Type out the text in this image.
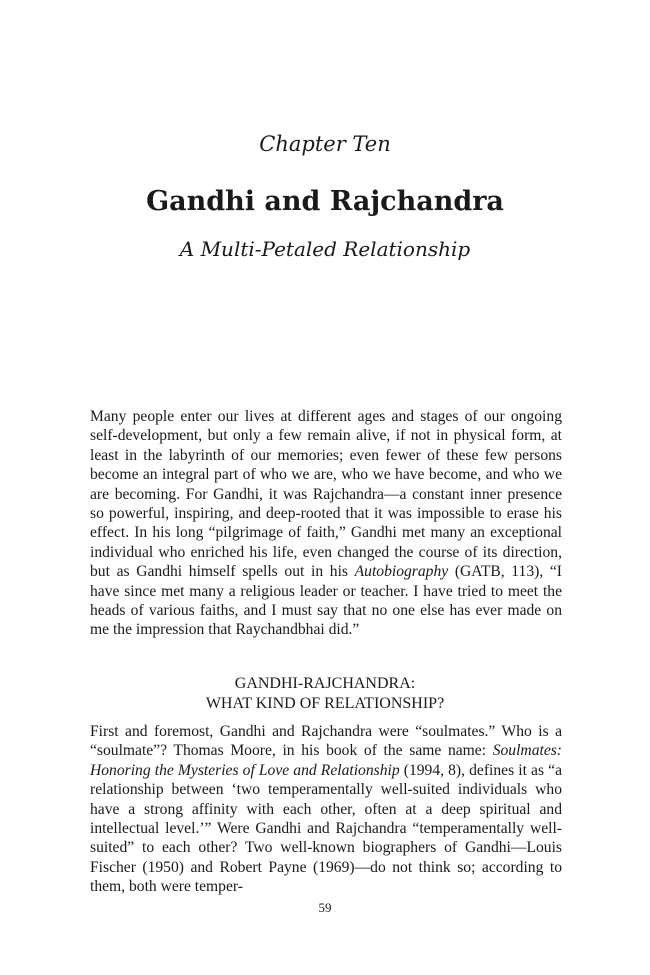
Chapter Ten
Gandhi and Rajchandra
A Multi-Petaled Relationship

Many people enter our lives at different ages and stages of our ongoing self-development, but only a few remain alive, if not in physical form, at least in the labyrinth of our memories; even fewer of these few persons become an integral part of who we are, who we have become, and who we are becoming. For Gandhi, it was Rajchandra—a constant inner presence so powerful, inspiring, and deep-rooted that it was impossible to erase his effect. In his long “pilgrimage of faith,” Gandhi met many an exceptional individual who enriched his life, even changed the course of its direction, but as Gandhi himself spells out in his Autobiography (GATB, 113), “I have since met many a religious leader or teacher. I have tried to meet the heads of various faiths, and I must say that no one else has ever made on me the impression that Raychandbhai did.”

GANDHI-RAJCHANDRA:
WHAT KIND OF RELATIONSHIP?

First and foremost, Gandhi and Rajchandra were “soulmates.” Who is a “soulmate”? Thomas Moore, in his book of the same name: Soulmates: Honoring the Mysteries of Love and Relationship (1994, 8), defines it as “a relationship between ‘two temperamentally well-suited individuals who have a strong affinity with each other, often at a deep spiritual and intellectual level.’” Were Gandhi and Rajchandra “temperamentally well-suited” to each other? Two well-known biographers of Gandhi—Louis Fischer (1950) and Robert Payne (1969)—do not think so; according to them, both were temper-

59
